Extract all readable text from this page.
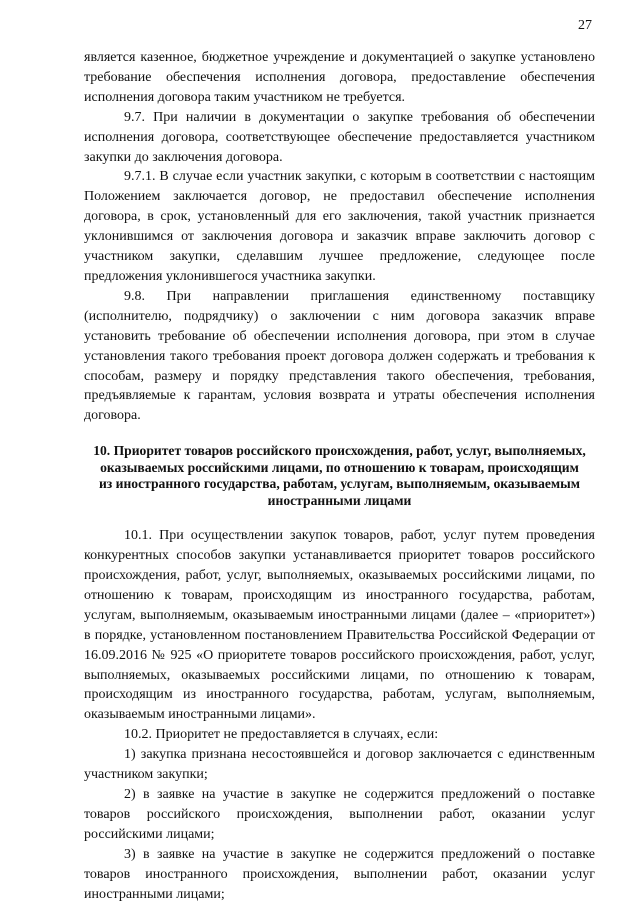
27

является казенное, бюджетное учреждение и документацией о закупке установлено требование обеспечения исполнения договора, предоставление обеспечения исполнения договора таким участником не требуется.

9.7. При наличии в документации о закупке требования об обеспечении исполнения договора, соответствующее обеспечение предоставляется участником закупки до заключения договора.

9.7.1. В случае если участник закупки, с которым в соответствии с настоящим Положением заключается договор, не предоставил обеспечение исполнения договора, в срок, установленный для его заключения, такой участник признается уклонившимся от заключения договора и заказчик вправе заключить договор с участником закупки, сделавшим лучшее предложение, следующее после предложения уклонившегося участника закупки.

9.8. При направлении приглашения единственному поставщику (исполнителю, подрядчику) о заключении с ним договора заказчик вправе установить требование об обеспечении исполнения договора, при этом в случае установления такого требования проект договора должен содержать и требования к способам, размеру и порядку представления такого обеспечения, требования, предъявляемые к гарантам, условия возврата и утраты обеспечения исполнения договора.

10. Приоритет товаров российского происхождения, работ, услуг, выполняемых, оказываемых российскими лицами, по отношению к товарам, происходящим из иностранного государства, работам, услугам, выполняемым, оказываемым иностранными лицами

10.1. При осуществлении закупок товаров, работ, услуг путем проведения конкурентных способов закупки устанавливается приоритет товаров российского происхождения, работ, услуг, выполняемых, оказываемых российскими лицами, по отношению к товарам, происходящим из иностранного государства, работам, услугам, выполняемым, оказываемым иностранными лицами (далее – «приоритет») в порядке, установленном постановлением Правительства Российской Федерации от 16.09.2016 № 925 «О приоритете товаров российского происхождения, работ, услуг, выполняемых, оказываемых российскими лицами, по отношению к товарам, происходящим из иностранного государства, работам, услугам, выполняемым, оказываемым иностранными лицами».

10.2. Приоритет не предоставляется в случаях, если:

1) закупка признана несостоявшейся и договор заключается с единственным участником закупки;

2) в заявке на участие в закупке не содержится предложений о поставке товаров российского происхождения, выполнении работ, оказании услуг российскими лицами;

3) в заявке на участие в закупке не содержится предложений о поставке товаров иностранного происхождения, выполнении работ, оказании услуг иностранными лицами;
